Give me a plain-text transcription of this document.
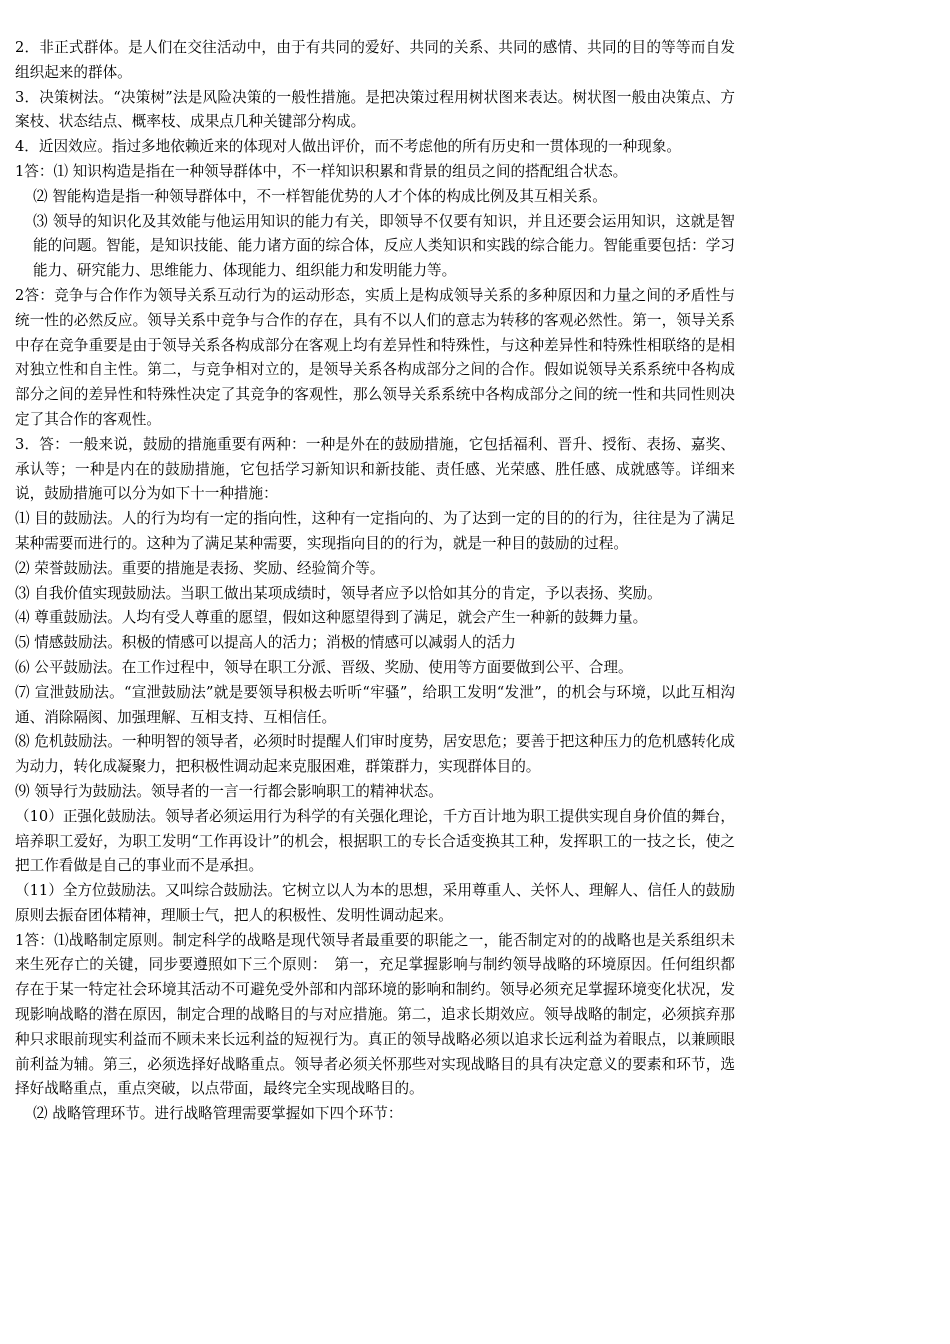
2．非正式群体。是人们在交往活动中，由于有共同的爱好、共同的关系、共同的感情、共同的目的等等而自发组织起来的群体。

3．决策树法。“决策树”法是风险决策的一般性措施。是把决策过程用树状图来表达。树状图一般由决策点、方案枝、状态结点、概率枝、成果点几种关键部分构成。

4．近因效应。指过多地依赖近来的体现对人做出评价，而不考虑他的所有历史和一贯体现的一种现象。

1答：⑴ 知识构造是指在一种领导群体中，不一样知识积累和背景的组员之间的搭配组合状态。

⑵ 智能构造是指一种领导群体中，不一样智能优势的人才个体的构成比例及其互相关系。

⑶ 领导的知识化及其效能与他运用知识的能力有关，即领导不仅要有知识，并且还要会运用知识，这就是智能的问题。智能，是知识技能、能力诸方面的综合体，反应人类知识和实践的综合能力。智能重要包括：学习能力、研究能力、思维能力、体现能力、组织能力和发明能力等。

2答：竞争与合作作为领导关系互动行为的运动形态，实质上是构成领导关系的多种原因和力量之间的矛盾性与统一性的必然反应。领导关系中竞争与合作的存在，具有不以人们的意志为转移的客观必然性。第一，领导关系中存在竞争重要是由于领导关系各构成部分在客观上均有差异性和特殊性，与这种差异性和特殊性相联络的是相对独立性和自主性。第二，与竞争相对立的，是领导关系各构成部分之间的合作。假如说领导关系系统中各构成部分之间的差异性和特殊性决定了其竞争的客观性，那么领导关系系统中各构成部分之间的统一性和共同性则决定了其合作的客观性。

3．答：一般来说，鼓励的措施重要有两种：一种是外在的鼓励措施，它包括福利、晋升、授衔、表扬、嘉奖、承认等；一种是内在的鼓励措施，它包括学习新知识和新技能、责任感、光荣感、胜任感、成就感等。详细来说，鼓励措施可以分为如下十一种措施：

⑴ 目的鼓励法。人的行为均有一定的指向性，这种有一定指向的、为了达到一定的目的的行为，往往是为了满足某种需要而进行的。这种为了满足某种需要，实现指向目的的行为，就是一种目的鼓励的过程。

⑵ 荣誉鼓励法。重要的措施是表扬、奖励、经验简介等。

⑶ 自我价值实现鼓励法。当职工做出某项成绩时，领导者应予以恰如其分的肯定，予以表扬、奖励。

⑷ 尊重鼓励法。人均有受人尊重的愿望，假如这种愿望得到了满足，就会产生一种新的鼓舞力量。

⑸ 情感鼓励法。积极的情感可以提高人的活力；消极的情感可以减弱人的活力

⑹ 公平鼓励法。在工作过程中，领导在职工分派、晋级、奖励、使用等方面要做到公平、合理。

⑺ 宣泄鼓励法。“宣泄鼓励法”就是要领导积极去听听“牢骚”，给职工发明“发泄”，的机会与环境，以此互相沟通、消除隔阂、加强理解、互相支持、互相信任。

⑻ 危机鼓励法。一种明智的领导者，必须时时提醒人们审时度势，居安思危；要善于把这种压力的危机感转化成为动力，转化成凝聚力，把积极性调动起来克服困难，群策群力，实现群体目的。

⑼ 领导行为鼓励法。领导者的一言一行都会影响职工的精神状态。

（10）正强化鼓励法。领导者必须运用行为科学的有关强化理论，千方百计地为职工提供实现自身价值的舞台，培养职工爱好，为职工发明“工作再设计”的机会，根据职工的专长合适变换其工种，发挥职工的一技之长，使之把工作看做是自己的事业而不是承担。

（11）全方位鼓励法。又叫综合鼓励法。它树立以人为本的思想，采用尊重人、关怀人、理解人、信任人的鼓励原则去振奋团体精神，理顺士气，把人的积极性、发明性调动起来。

1答：⑴战略制定原则。制定科学的战略是现代领导者最重要的职能之一，能否制定对的的战略也是关系组织未来生死存亡的关键，同步要遵照如下三个原则：　第一，充足掌握影响与制约领导战略的环境原因。任何组织都存在于某一特定社会环境其活动不可避免受外部和内部环境的影响和制约。领导必须充足掌握环境变化状况，发现影响战略的潜在原因，制定合理的战略目的与对应措施。第二，追求长期效应。领导战略的制定，必须摈弃那种只求眼前现实利益而不顾未来长远利益的短视行为。真正的领导战略必须以追求长远利益为着眼点，以兼顾眼前利益为辅。第三，必须选择好战略重点。领导者必须关怀那些对实现战略目的具有决定意义的要素和环节，选择好战略重点，重点突破，以点带面，最终完全实现战略目的。

⑵ 战略管理环节。进行战略管理需要掌握如下四个环节：
